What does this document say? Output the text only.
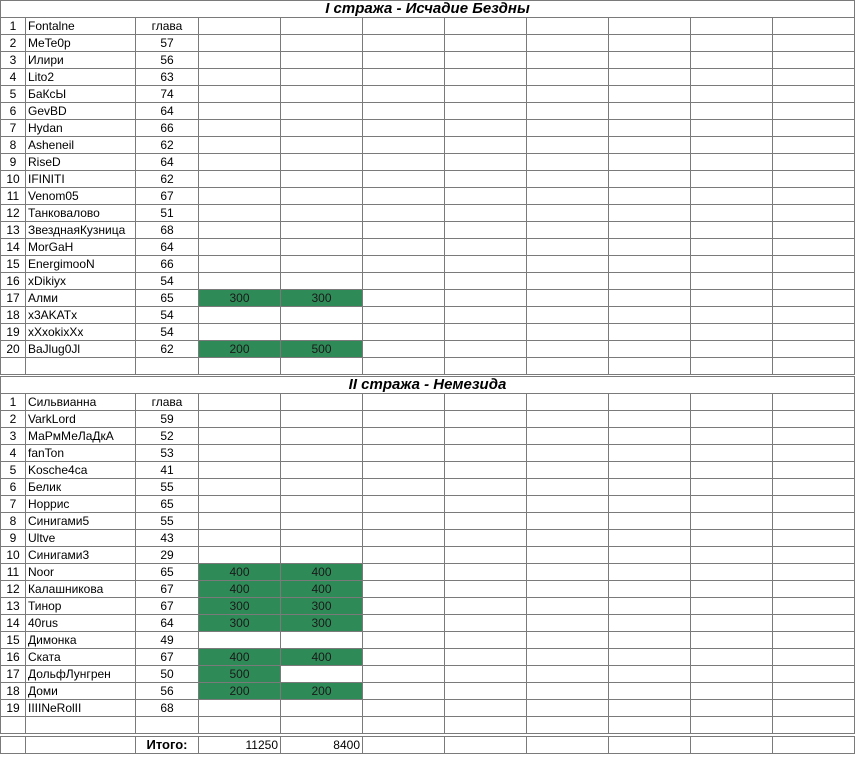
I стража - Исчадие Бездны										
1	Fontalne	глава								
2	MeTe0p	57								
3	Илири	56								
4	Lito2	63								
5	БаКсЫ	74								
6	GevBD	64								
7	Hydan	66								
8	Asheneil	62								
9	RiseD	64								
10	IFINITI	62								
11	Venom05	67								
12	Танковалово	51								
13	ЗвезднаяКузница	68								
14	MorGaH	64								
15	EnergimooN	66								
16	xDikiyx	54								
17	Алми	65	300	300						
18	x3AKATx	54								
19	xXxokixXx	54								
20	BaJlug0Jl	62	200	500						

II стража - Немезида										
1	Сильвианна	глава								
2	VarkLord	59								
3	МаРмМеЛаДкА	52								
4	fanTon	53								
5	Kosche4ca	41								
6	Белик	55								
7	Норрис	65								
8	Синигами5	55								
9	Ultve	43								
10	Синигами3	29								
11	Noor	65	400	400						
12	Калашникова	67	400	400						
13	Тинор	67	300	300						
14	40rus	64	300	300						
15	Димонка	49								
16	Ската	67	400	400						
17	ДольфЛунгрен	50	500							
18	Доми	56	200	200						
19	IIIINeRolII	68								

		Итого:	11250	8400						
